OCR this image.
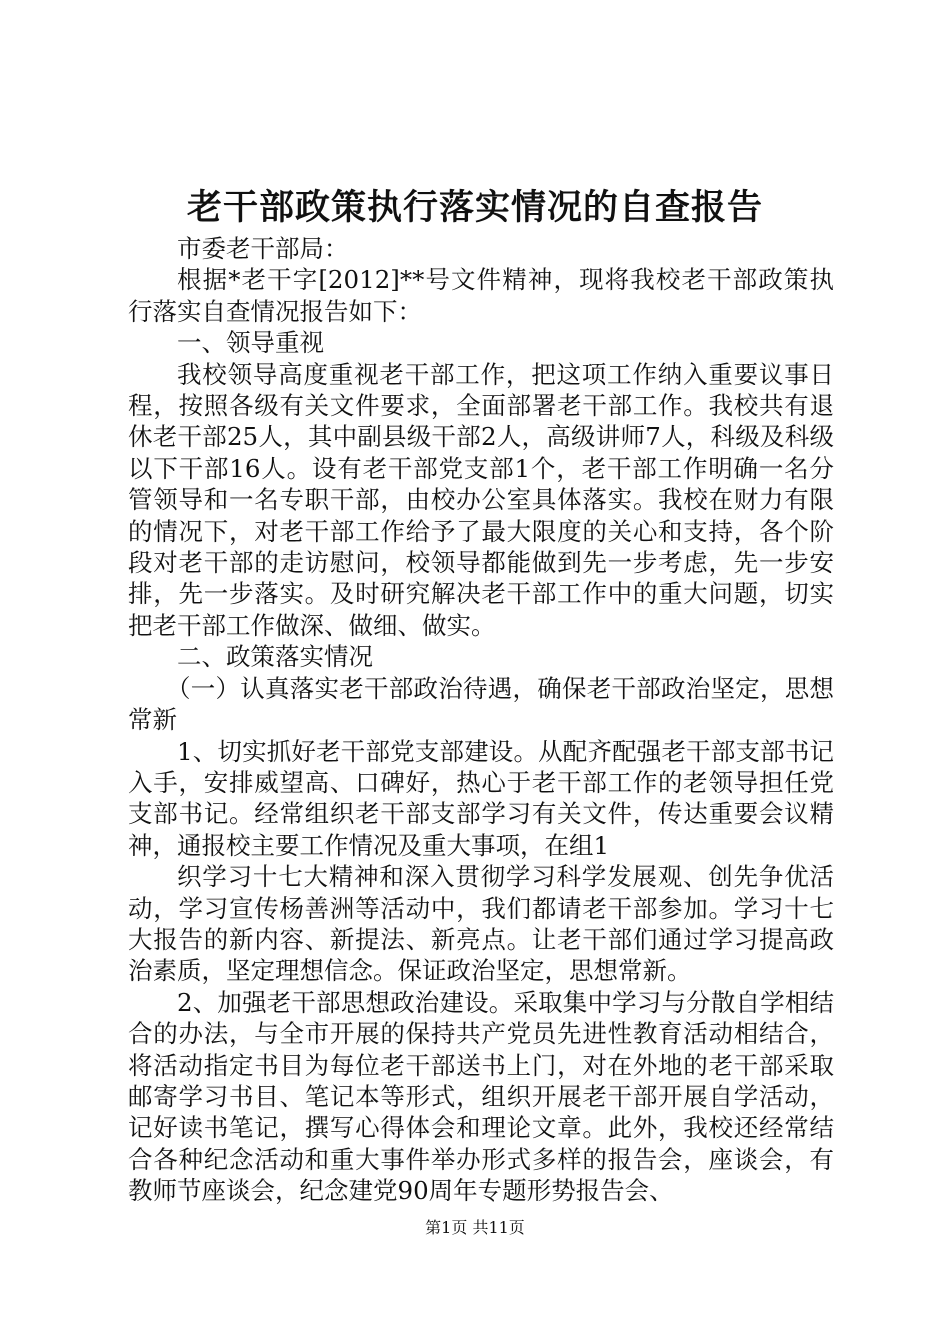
老干部政策执行落实情况的自查报告

市委老干部局：

根据*老干字[2012]**号文件精神，现将我校老干部政策执行落实自查情况报告如下：

一、领导重视

我校领导高度重视老干部工作，把这项工作纳入重要议事日程，按照各级有关文件要求，全面部署老干部工作。我校共有退休老干部25人，其中副县级干部2人，高级讲师7人，科级及科级以下干部16人。设有老干部党支部1个，老干部工作明确一名分管领导和一名专职干部，由校办公室具体落实。我校在财力有限的情况下，对老干部工作给予了最大限度的关心和支持，各个阶段对老干部的走访慰问，校领导都能做到先一步考虑，先一步安排，先一步落实。及时研究解决老干部工作中的重大问题，切实把老干部工作做深、做细、做实。

二、政策落实情况

（一）认真落实老干部政治待遇，确保老干部政治坚定，思想常新

1、切实抓好老干部党支部建设。从配齐配强老干部支部书记入手，安排威望高、口碑好，热心于老干部工作的老领导担任党支部书记。经常组织老干部支部学习有关文件，传达重要会议精神，通报校主要工作情况及重大事项，在组1

织学习十七大精神和深入贯彻学习科学发展观、创先争优活动，学习宣传杨善洲等活动中，我们都请老干部参加。学习十七大报告的新内容、新提法、新亮点。让老干部们通过学习提高政治素质，坚定理想信念。保证政治坚定，思想常新。

2、加强老干部思想政治建设。采取集中学习与分散自学相结合的办法，与全市开展的保持共产党员先进性教育活动相结合，将活动指定书目为每位老干部送书上门，对在外地的老干部采取邮寄学习书目、笔记本等形式，组织开展老干部开展自学活动，记好读书笔记，撰写心得体会和理论文章。此外，我校还经常结合各种纪念活动和重大事件举办形式多样的报告会，座谈会，有教师节座谈会，纪念建党90周年专题形势报告会、

第1页 共11页
